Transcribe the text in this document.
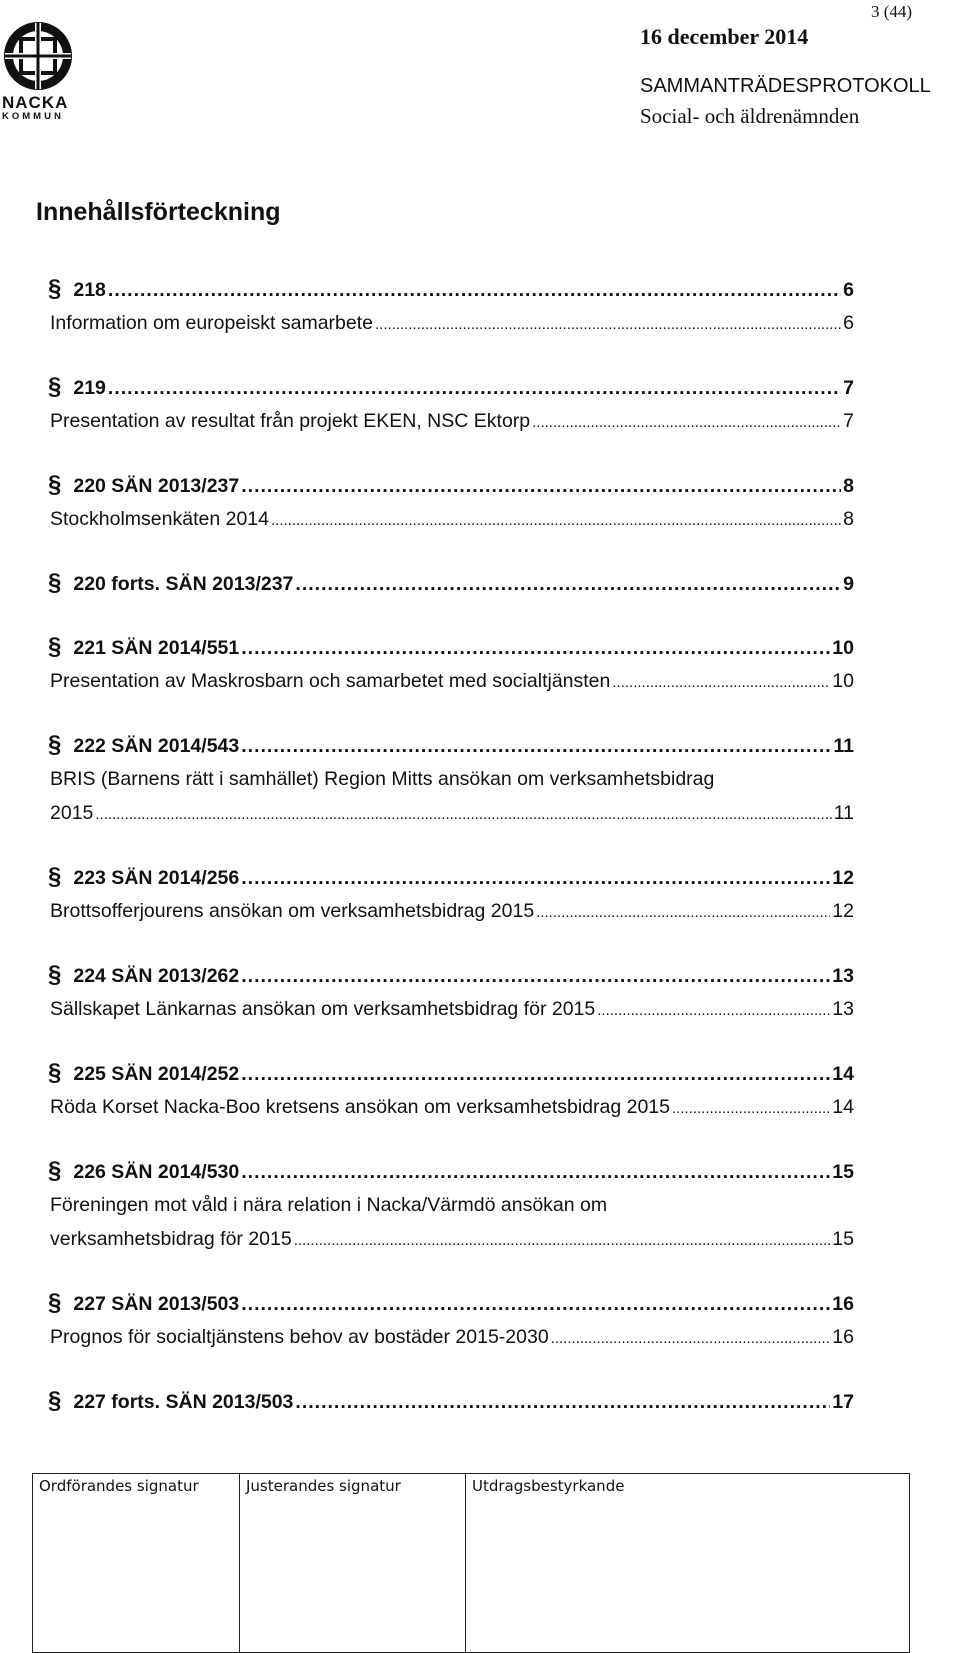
3 (44)
NACKA
KOMMUN
16 december 2014
SAMMANTRÄDESPROTOKOLL
Social- och äldrenämnden
Innehållsförteckning
§ 218 .....	6
Information om europeiskt samarbete .....	6
§ 219 .....	7
Presentation av resultat från projekt EKEN, NSC Ektorp .....	7
§ 220 SÄN 2013/237 .....	8
Stockholmsenkäten 2014 .....	8
§ 220 forts. SÄN 2013/237 .....	9
§ 221 SÄN 2014/551 .....	10
Presentation av Maskrosbarn och samarbetet med socialtjänsten .....	10
§ 222 SÄN 2014/543 .....	11
BRIS (Barnens rätt i samhället) Region Mitts ansökan om verksamhetsbidrag
2015 .....	11
§ 223 SÄN 2014/256 .....	12
Brottsofferjourens ansökan om verksamhetsbidrag 2015 .....	12
§ 224 SÄN 2013/262 .....	13
Sällskapet Länkarnas ansökan om verksamhetsbidrag för 2015 .....	13
§ 225 SÄN 2014/252 .....	14
Röda Korset Nacka-Boo kretsens ansökan om verksamhetsbidrag 2015 .....	14
§ 226 SÄN 2014/530 .....	15
Föreningen mot våld i nära relation i Nacka/Värmdö ansökan om
verksamhetsbidrag för 2015 .....	15
§ 227 SÄN 2013/503 .....	16
Prognos för socialtjänstens behov av bostäder 2015-2030 .....	16
§ 227 forts. SÄN 2013/503 .....	17
Ordförandes signatur	Justerandes signatur	Utdragsbestyrkande
